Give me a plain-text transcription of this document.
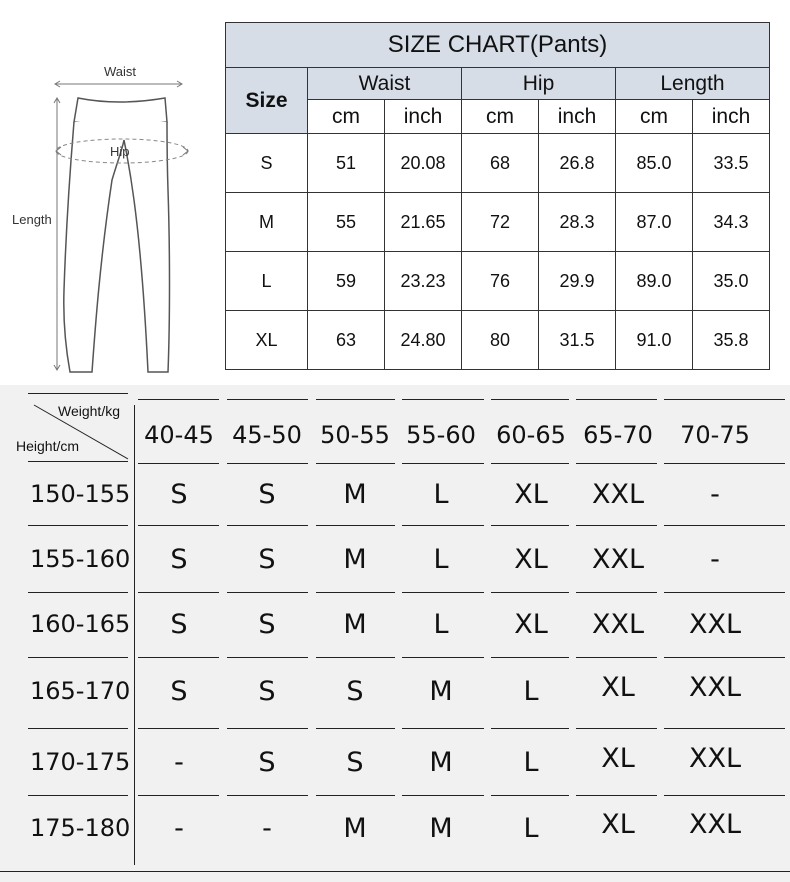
Waist
Hip
Length
SIZE CHART(Pants)						
Size	Waist		Hip		Length	
	cm	inch	cm	inch	cm	inch
S	51	20.08	68	26.8	85.0	33.5
M	55	21.65	72	28.3	87.0	34.3
L	59	23.23	76	29.9	89.0	35.0
XL	63	24.80	80	31.5	91.0	35.8
Weight/kg
Height/cm	40-45 45-50 50-55 55-60 60-65 65-70 70-75
150-155	S	S	M	L	XL	XXL	-
155-160	S	S	M	L	XL	XXL	-
160-165	S	S	M	L	XL	XXL	XXL
165-170	S	S	S	M	L	XL	XXL
170-175	-	S	S	M	L	XL	XXL
175-180	-	-	M	M	L	XL	XXL
